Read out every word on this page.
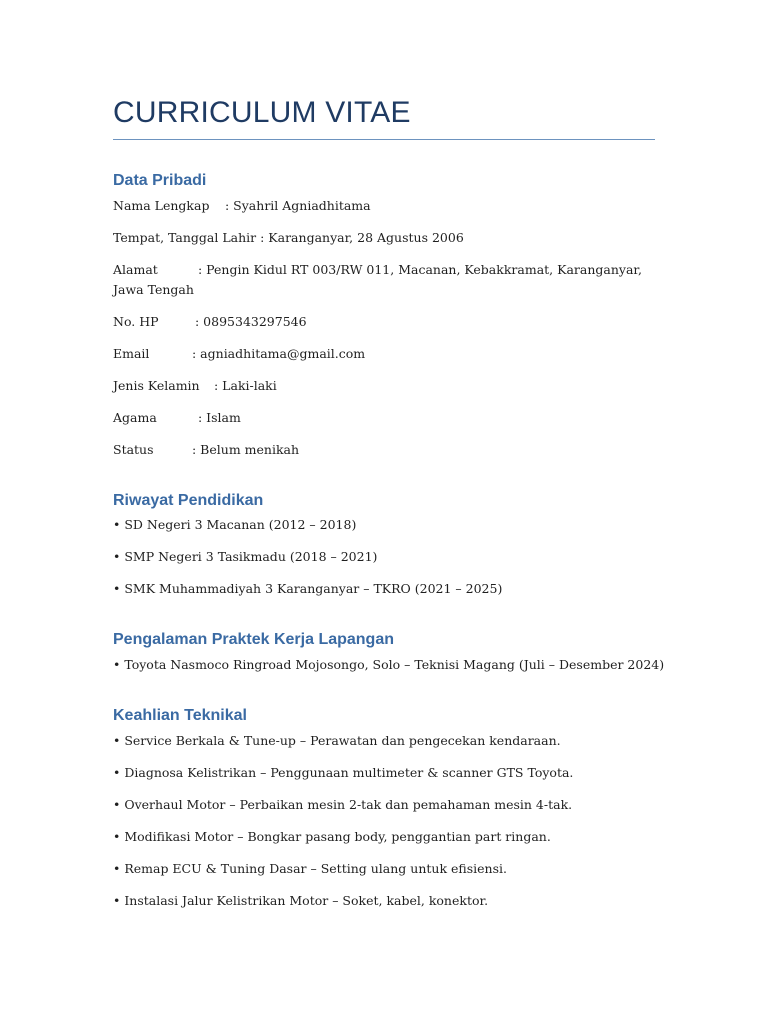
CURRICULUM VITAE
Data Pribadi
Nama Lengkap : Syahril Agniadhitama
Tempat, Tanggal Lahir : Karanganyar, 28 Agustus 2006
Alamat	: Pengin Kidul RT 003/RW 011, Macanan, Kebakkramat, Karanganyar, Jawa Tengah
No. HP	: 0895343297546
Email	: agniadhitama@gmail.com
Jenis Kelamin : Laki-laki
Agama	: Islam
Status	: Belum menikah
Riwayat Pendidikan
• SD Negeri 3 Macanan (2012 – 2018)
• SMP Negeri 3 Tasikmadu (2018 – 2021)
• SMK Muhammadiyah 3 Karanganyar – TKRO (2021 – 2025)
Pengalaman Praktek Kerja Lapangan
• Toyota Nasmoco Ringroad Mojosongo, Solo – Teknisi Magang (Juli – Desember 2024)
Keahlian Teknikal
• Service Berkala & Tune-up – Perawatan dan pengecekan kendaraan.
• Diagnosa Kelistrikan – Penggunaan multimeter & scanner GTS Toyota.
• Overhaul Motor – Perbaikan mesin 2-tak dan pemahaman mesin 4-tak.
• Modifikasi Motor – Bongkar pasang body, penggantian part ringan.
• Remap ECU & Tuning Dasar – Setting ulang untuk efisiensi.
• Instalasi Jalur Kelistrikan Motor – Soket, kabel, konektor.
